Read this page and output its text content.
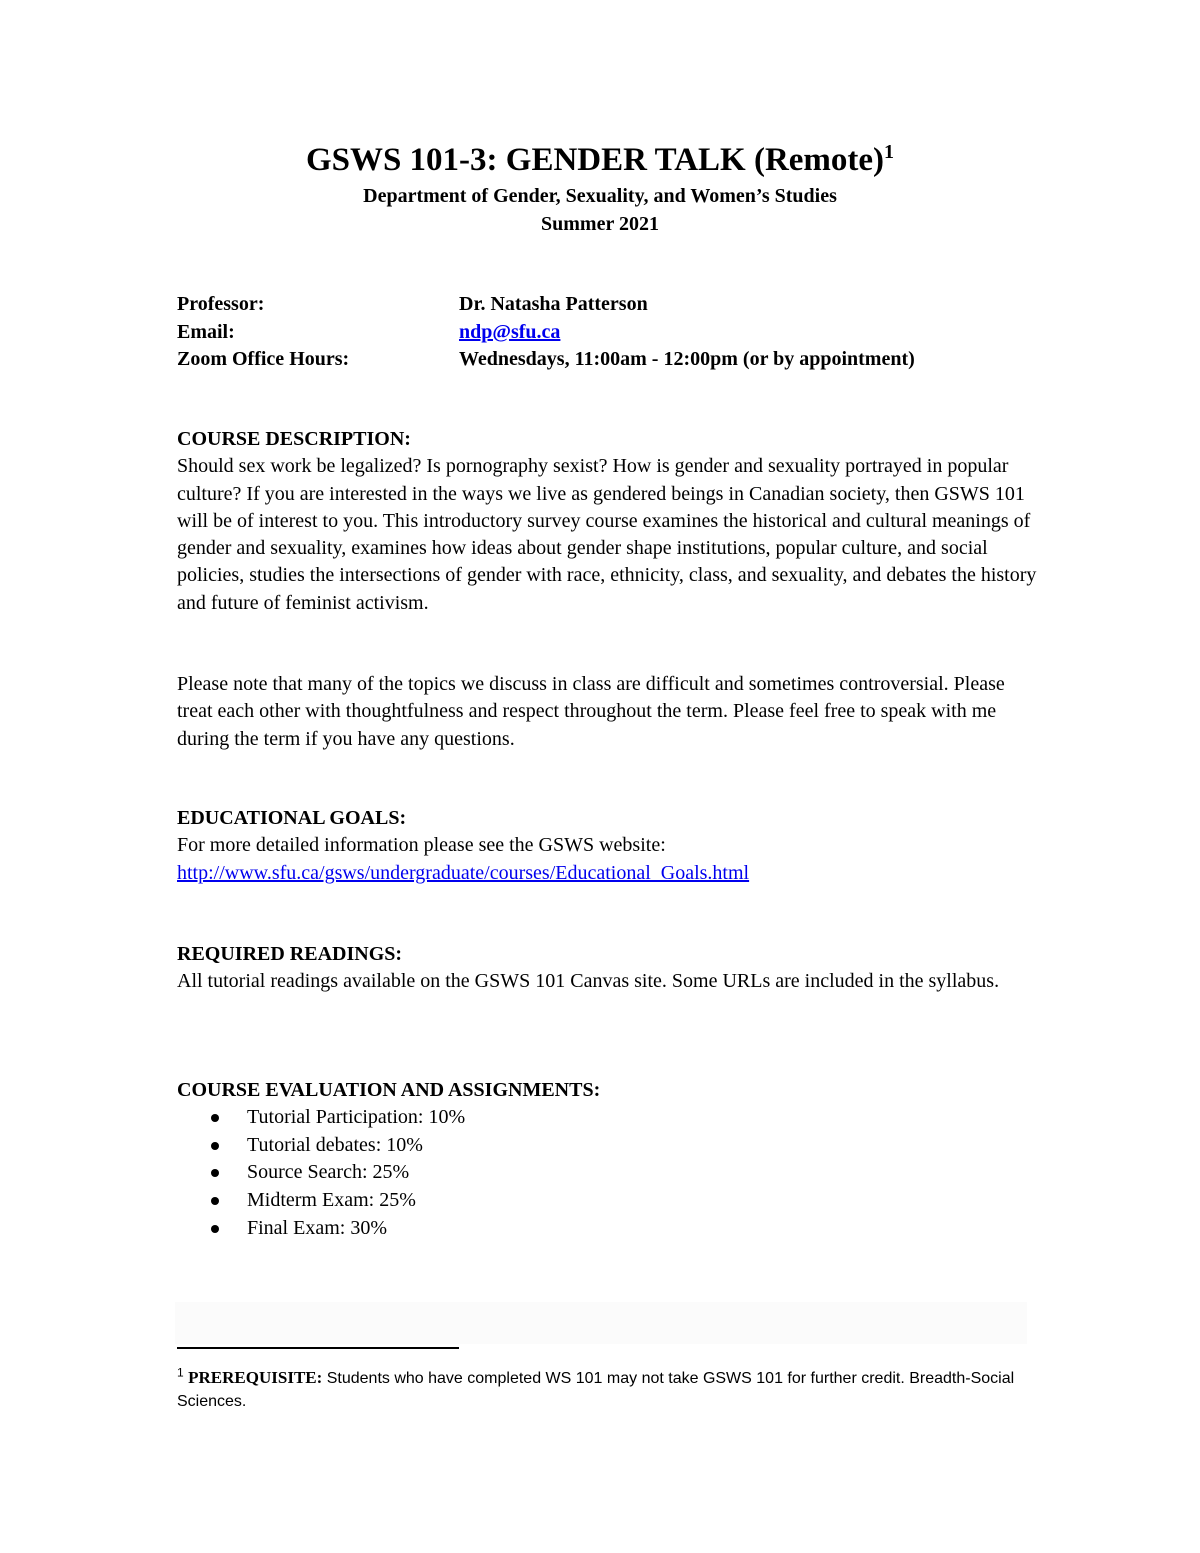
GSWS 101-3: GENDER TALK (Remote)$^1$
Department of Gender, Sexuality, and Women’s Studies
Summer 2021
Professor:	Dr. Natasha Patterson
Email:	ndp@sfu.ca
Zoom Office Hours:	Wednesdays, 11:00am - 12:00pm (or by appointment)
COURSE DESCRIPTION:

Should sex work be legalized? Is pornography sexist? How is gender and sexuality portrayed in popular culture? If you are interested in the ways we live as gendered beings in Canadian society, then GSWS 101 will be of interest to you. This introductory survey course examines the historical and cultural meanings of gender and sexuality, examines how ideas about gender shape institutions, popular culture, and social policies, studies the intersections of gender with race, ethnicity, class, and sexuality, and debates the history and future of feminist activism.

Please note that many of the topics we discuss in class are difficult and sometimes controversial. Please treat each other with thoughtfulness and respect throughout the term. Please feel free to speak with me during the term if you have any questions.

EDUCATIONAL GOALS:

For more detailed information please see the GSWS website:

http://www.sfu.ca/gsws/undergraduate/courses/Educational_Goals.html
REQUIRED READINGS:

All tutorial readings available on the GSWS 101 Canvas site. Some URLs are included in the syllabus.

COURSE EVALUATION AND ASSIGNMENTS:
Tutorial Participation: 10%
Tutorial debates: 10%
Source Search: 25%
Midterm Exam: 25%
Final Exam: 30%
$^1$ PREREQUISITE: Students who have completed WS 101 may not take GSWS 101 for further credit. Breadth-Social Sciences.
